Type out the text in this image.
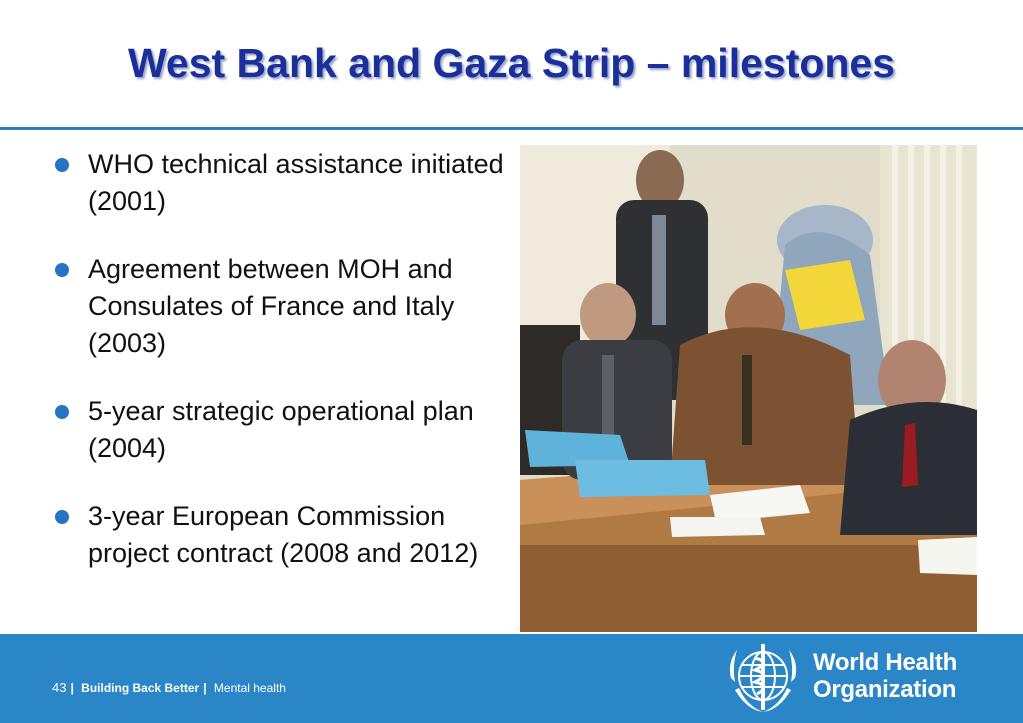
West Bank and Gaza Strip – milestones
WHO technical assistance initiated (2001)
Agreement between MOH and Consulates of France and Italy (2003)
5-year strategic operational plan (2004)
3-year European Commission project contract (2008 and 2012)
43 | Building Back Better | Mental health
World Health
Organization
